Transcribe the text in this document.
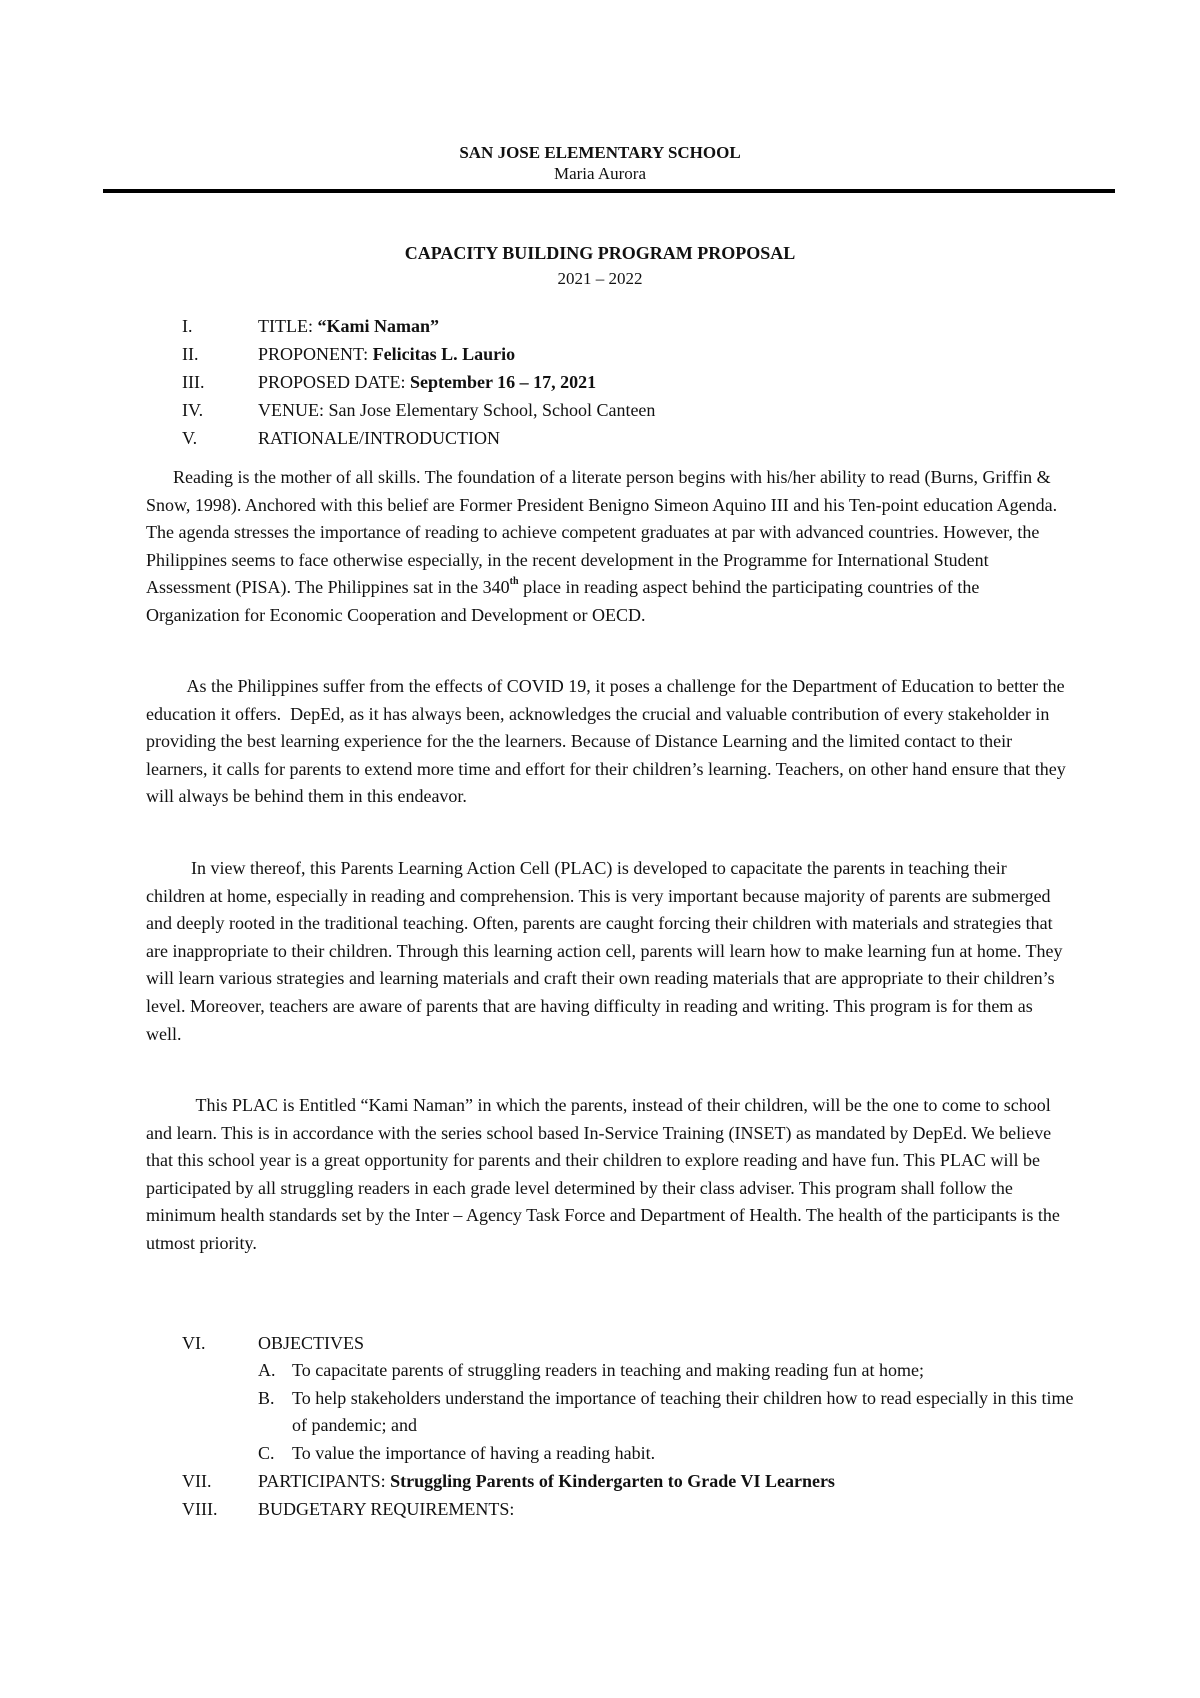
SAN JOSE ELEMENTARY SCHOOL
Maria Aurora
CAPACITY BUILDING PROGRAM PROPOSAL
2021 – 2022
I.	TITLE: “Kami Naman”
II.	PROPONENT: Felicitas L. Laurio
III.	PROPOSED DATE: September 16 – 17, 2021
IV.	VENUE: San Jose Elementary School, School Canteen
V.	RATIONALE/INTRODUCTION

Reading is the mother of all skills. The foundation of a literate person begins with his/her ability to read (Burns, Griffin & Snow, 1998). Anchored with this belief are Former President Benigno Simeon Aquino III and his Ten-point education Agenda. The agenda stresses the importance of reading to achieve competent graduates at par with advanced countries. However, the Philippines seems to face otherwise especially, in the recent development in the Programme for International Student Assessment (PISA). The Philippines sat in the 340th place in reading aspect behind the participating countries of the Organization for Economic Cooperation and Development or OECD.

As the Philippines suffer from the effects of COVID 19, it poses a challenge for the Department of Education to better the education it offers.  DepEd, as it has always been, acknowledges the crucial and valuable contribution of every stakeholder in providing the best learning experience for the the learners. Because of Distance Learning and the limited contact to their learners, it calls for parents to extend more time and effort for their children’s learning. Teachers, on other hand ensure that they will always be behind them in this endeavor.

In view thereof, this Parents Learning Action Cell (PLAC) is developed to capacitate the parents in teaching their children at home, especially in reading and comprehension. This is very important because majority of parents are submerged and deeply rooted in the traditional teaching. Often, parents are caught forcing their children with materials and strategies that are inappropriate to their children. Through this learning action cell, parents will learn how to make learning fun at home. They will learn various strategies and learning materials and craft their own reading materials that are appropriate to their children’s level. Moreover, teachers are aware of parents that are having difficulty in reading and writing. This program is for them as well.

This PLAC is Entitled “Kami Naman” in which the parents, instead of their children, will be the one to come to school and learn. This is in accordance with the series school based In-Service Training (INSET) as mandated by DepEd. We believe that this school year is a great opportunity for parents and their children to explore reading and have fun. This PLAC will be participated by all struggling readers in each grade level determined by their class adviser. This program shall follow the minimum health standards set by the Inter – Agency Task Force and Department of Health. The health of the participants is the utmost priority.

VI.	OBJECTIVES
A. To capacitate parents of struggling readers in teaching and making reading fun at home;
B. To help stakeholders understand the importance of teaching their children how to read especially in this time of pandemic; and
C. To value the importance of having a reading habit.
VII.	PARTICIPANTS: Struggling Parents of Kindergarten to Grade VI Learners
VIII.	BUDGETARY REQUIREMENTS:
